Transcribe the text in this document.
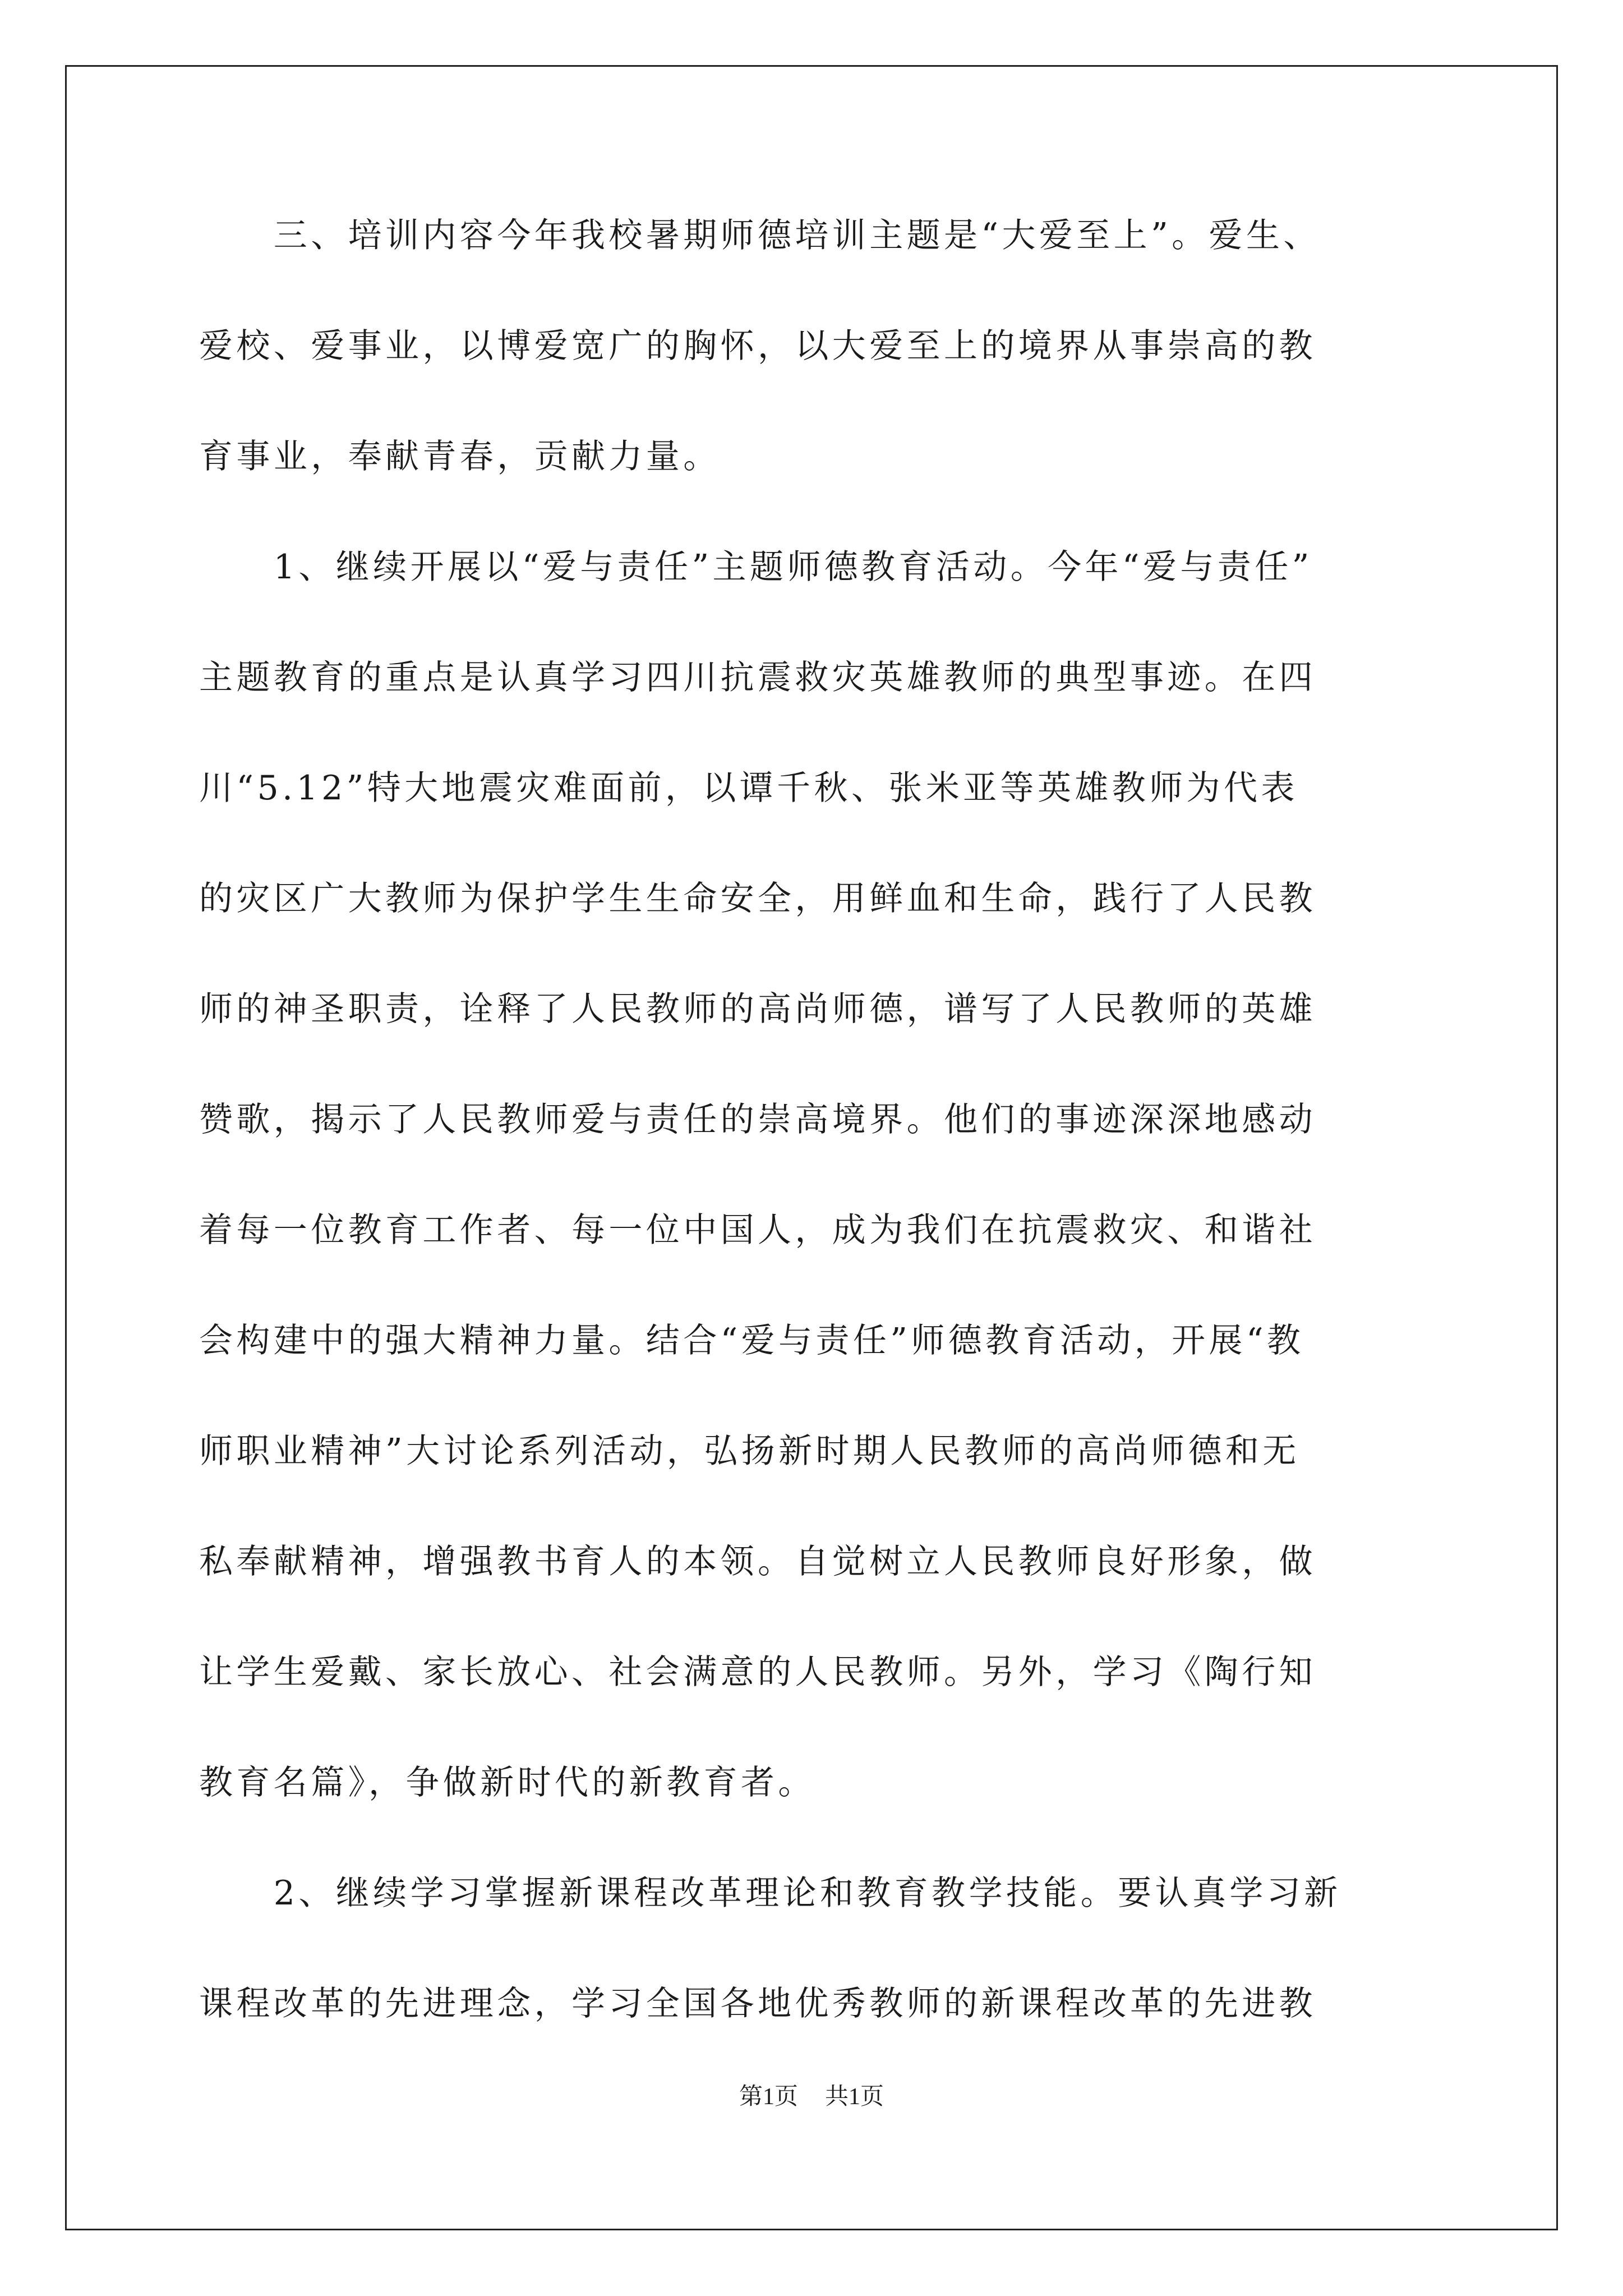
　　三、培训内容今年我校暑期师德培训主题是“大爱至上”。爱生、
爱校、爱事业，以博爱宽广的胸怀，以大爱至上的境界从事崇高的教
育事业，奉献青春，贡献力量。
　　1、继续开展以“爱与责任”主题师德教育活动。今年“爱与责任”
主题教育的重点是认真学习四川抗震救灾英雄教师的典型事迹。在四
川“5.12”特大地震灾难面前，以谭千秋、张米亚等英雄教师为代表
的灾区广大教师为保护学生生命安全，用鲜血和生命，践行了人民教
师的神圣职责，诠释了人民教师的高尚师德，谱写了人民教师的英雄
赞歌，揭示了人民教师爱与责任的崇高境界。他们的事迹深深地感动
着每一位教育工作者、每一位中国人，成为我们在抗震救灾、和谐社
会构建中的强大精神力量。结合“爱与责任”师德教育活动，开展“教
师职业精神”大讨论系列活动，弘扬新时期人民教师的高尚师德和无
私奉献精神，增强教书育人的本领。自觉树立人民教师良好形象，做
让学生爱戴、家长放心、社会满意的人民教师。另外，学习《陶行知
教育名篇》，争做新时代的新教育者。
　　2、继续学习掌握新课程改革理论和教育教学技能。要认真学习新
课程改革的先进理念，学习全国各地优秀教师的新课程改革的先进教
第1页 共1页
